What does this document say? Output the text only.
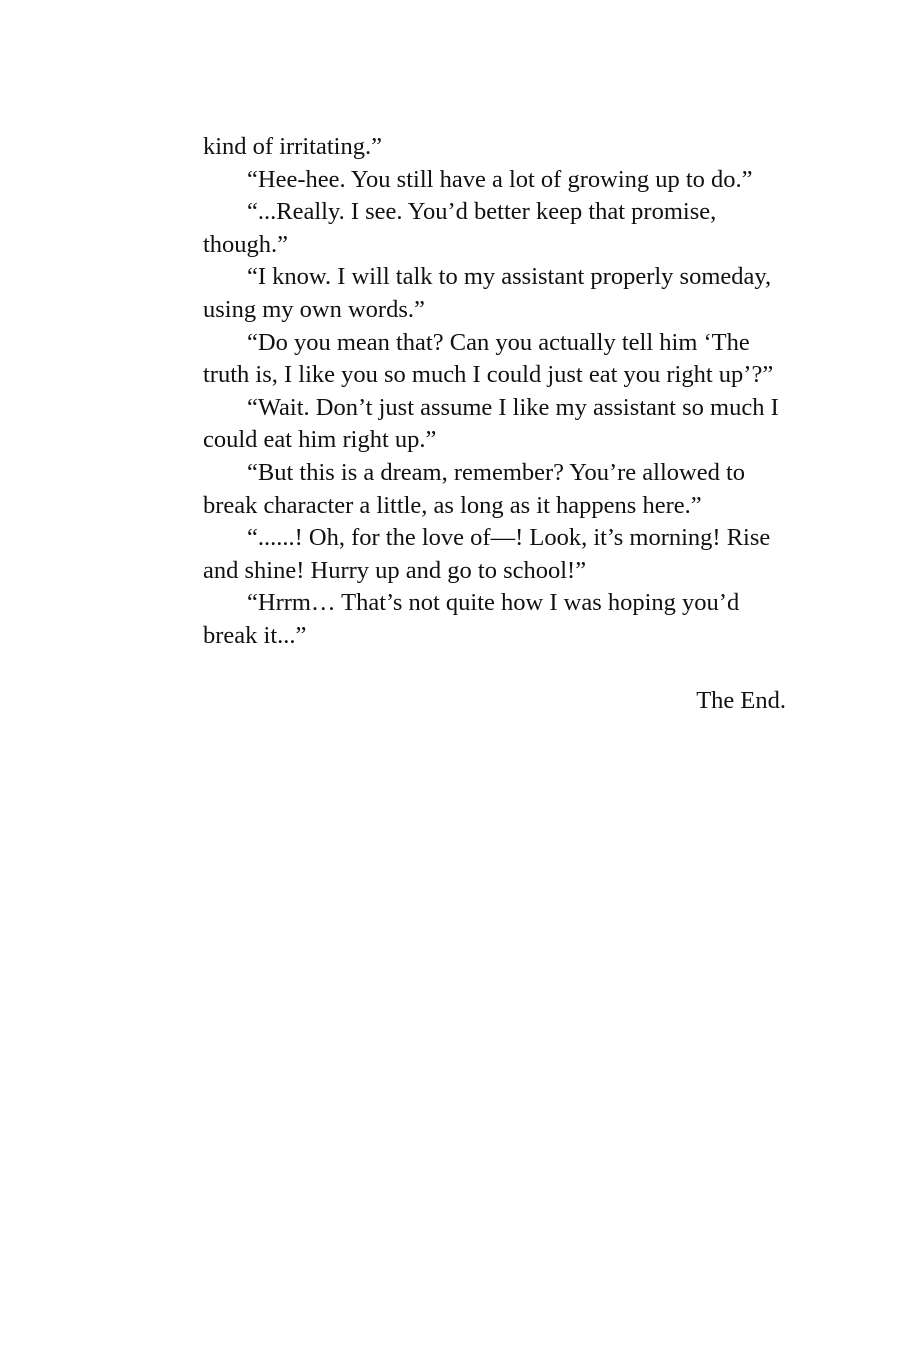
kind of irritating.”

“Hee-hee. You still have a lot of growing up to do.”

“...Really. I see. You’d better keep that promise, though.”

“I know. I will talk to my assistant properly someday, using my own words.”

“Do you mean that? Can you actually tell him ‘The truth is, I like you so much I could just eat you right up’?”

“Wait. Don’t just assume I like my assistant so much I could eat him right up.”

“But this is a dream, remember? You’re allowed to break character a little, as long as it happens here.”

“......! Oh, for the love of—! Look, it’s morning! Rise and shine! Hurry up and go to school!”

“Hrrm… That’s not quite how I was hoping you’d break it...”

The End.
